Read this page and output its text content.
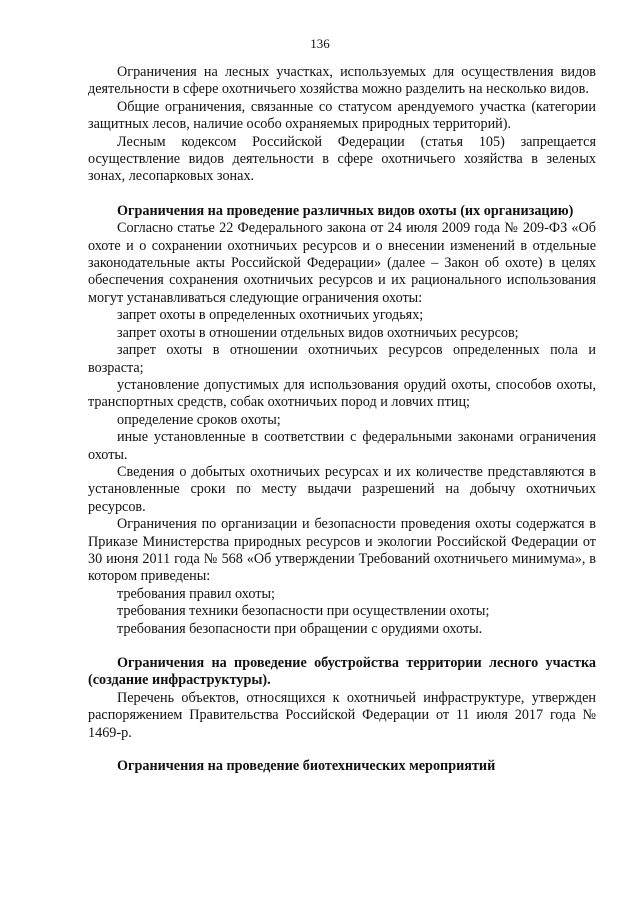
136

Ограничения на лесных участках, используемых для осуществления видов деятельности в сфере охотничьего хозяйства можно разделить на несколько видов.

Общие ограничения, связанные со статусом арендуемого участка (категории защитных лесов, наличие особо охраняемых природных территорий).

Лесным кодексом Российской Федерации (статья 105) запрещается осуществление видов деятельности в сфере охотничьего хозяйства в зеленых зонах, лесопарковых зонах.

Ограничения на проведение различных видов охоты (их организацию)

Согласно статье 22 Федерального закона от 24 июля 2009 года № 209-ФЗ «Об охоте и о сохранении охотничьих ресурсов и о внесении изменений в отдельные законодательные акты Российской Федерации» (далее – Закон об охоте) в целях обеспечения сохранения охотничьих ресурсов и их рационального использования могут устанавливаться следующие ограничения охоты:

запрет охоты в определенных охотничьих угодьях;

запрет охоты в отношении отдельных видов охотничьих ресурсов;

запрет охоты в отношении охотничьих ресурсов определенных пола и возраста;

установление допустимых для использования орудий охоты, способов охоты, транспортных средств, собак охотничьих пород и ловчих птиц;

определение сроков охоты;

иные установленные в соответствии с федеральными законами ограничения охоты.

Сведения о добытых охотничьих ресурсах и их количестве представляются в установленные сроки по месту выдачи разрешений на добычу охотничьих ресурсов.

Ограничения по организации и безопасности проведения охоты содержатся в Приказе Министерства природных ресурсов и экологии Российской Федерации от 30 июня 2011 года № 568 «Об утверждении Требований охотничьего минимума», в котором приведены:

требования правил охоты;

требования техники безопасности при осуществлении охоты;

требования безопасности при обращении с орудиями охоты.

Ограничения на проведение обустройства территории лесного участка (создание инфраструктуры).

Перечень объектов, относящихся к охотничьей инфраструктуре, утвержден распоряжением Правительства Российской Федерации от 11 июля 2017 года № 1469-р.

Ограничения на проведение биотехнических мероприятий
